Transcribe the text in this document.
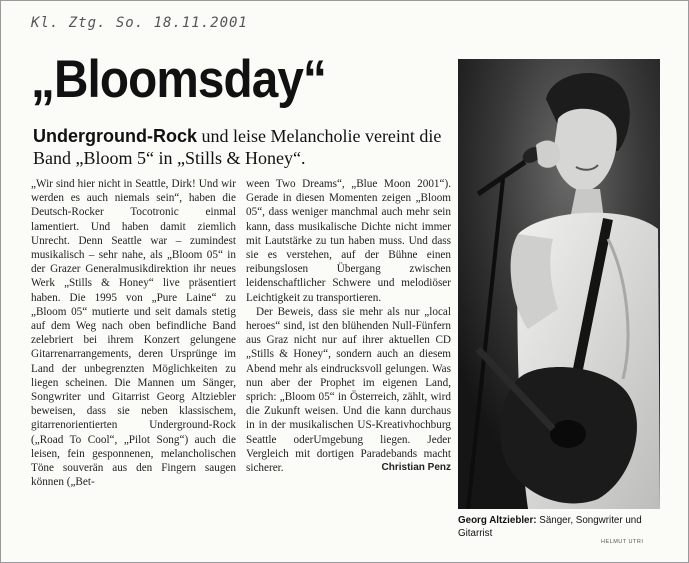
Kl. Ztg. So. 18.11.2001
„Bloomsday“
Underground-Rock und leise Melancholie vereint die Band „Bloom 5“ in „Stills & Honey“.

„Wir sind hier nicht in Seattle, Dirk! Und wir werden es auch niemals sein“, haben die Deutsch-Rocker Tocotronic einmal lamentiert. Und haben damit ziemlich Unrecht. Denn Seattle war – zumindest musikalisch – sehr nahe, als „Bloom 05“ in der Grazer Generalmusikdirektion ihr neues Werk „Stills & Honey“ live präsentiert haben. Die 1995 von „Pure Laine“ zu „Bloom 05“ mutierte und seit damals stetig auf dem Weg nach oben befindliche Band zelebriert bei ihrem Konzert gelungene Gitarrenarrangements, deren Ursprünge im Land der unbegrenzten Möglichkeiten zu liegen scheinen. Die Mannen um Sänger, Songwriter und Gitarrist Georg Altziebler beweisen, dass sie neben klassischem, gitarrenorientierten Underground-Rock („Road To Cool“, „Pilot Song“) auch die leisen, fein gesponnenen, melancholischen Töne souverän aus den Fingern saugen können („Bet-

ween Two Dreams“, „Blue Moon 2001“). Gerade in diesen Momenten zeigen „Bloom 05“, dass weniger manchmal auch mehr sein kann, dass musikalische Dichte nicht immer mit Lautstärke zu tun haben muss. Und dass sie es verstehen, auf der Bühne einen reibungslosen Übergang zwischen leidenschaftlicher Schwere und melodiöser Leichtigkeit zu transportieren.

Der Beweis, dass sie mehr als nur „local heroes“ sind, ist den blühenden Null-Fünfern aus Graz nicht nur auf ihrer aktuellen CD „Stills & Honey“, sondern auch an diesem Abend mehr als eindrucksvoll gelungen. Was nun aber der Prophet im eigenen Land, sprich: „Bloom 05“ in Österreich, zählt, wird die Zukunft weisen. Und die kann durchaus in in der musikalischen US-Kreativhochburg Seattle oderUmgebung liegen. Jeder Vergleich mit dortigen Paradebands macht sicherer.	Christian Penz
Georg Altziebler: Sänger, Songwriter und Gitarrist
HELMUT UTRI
